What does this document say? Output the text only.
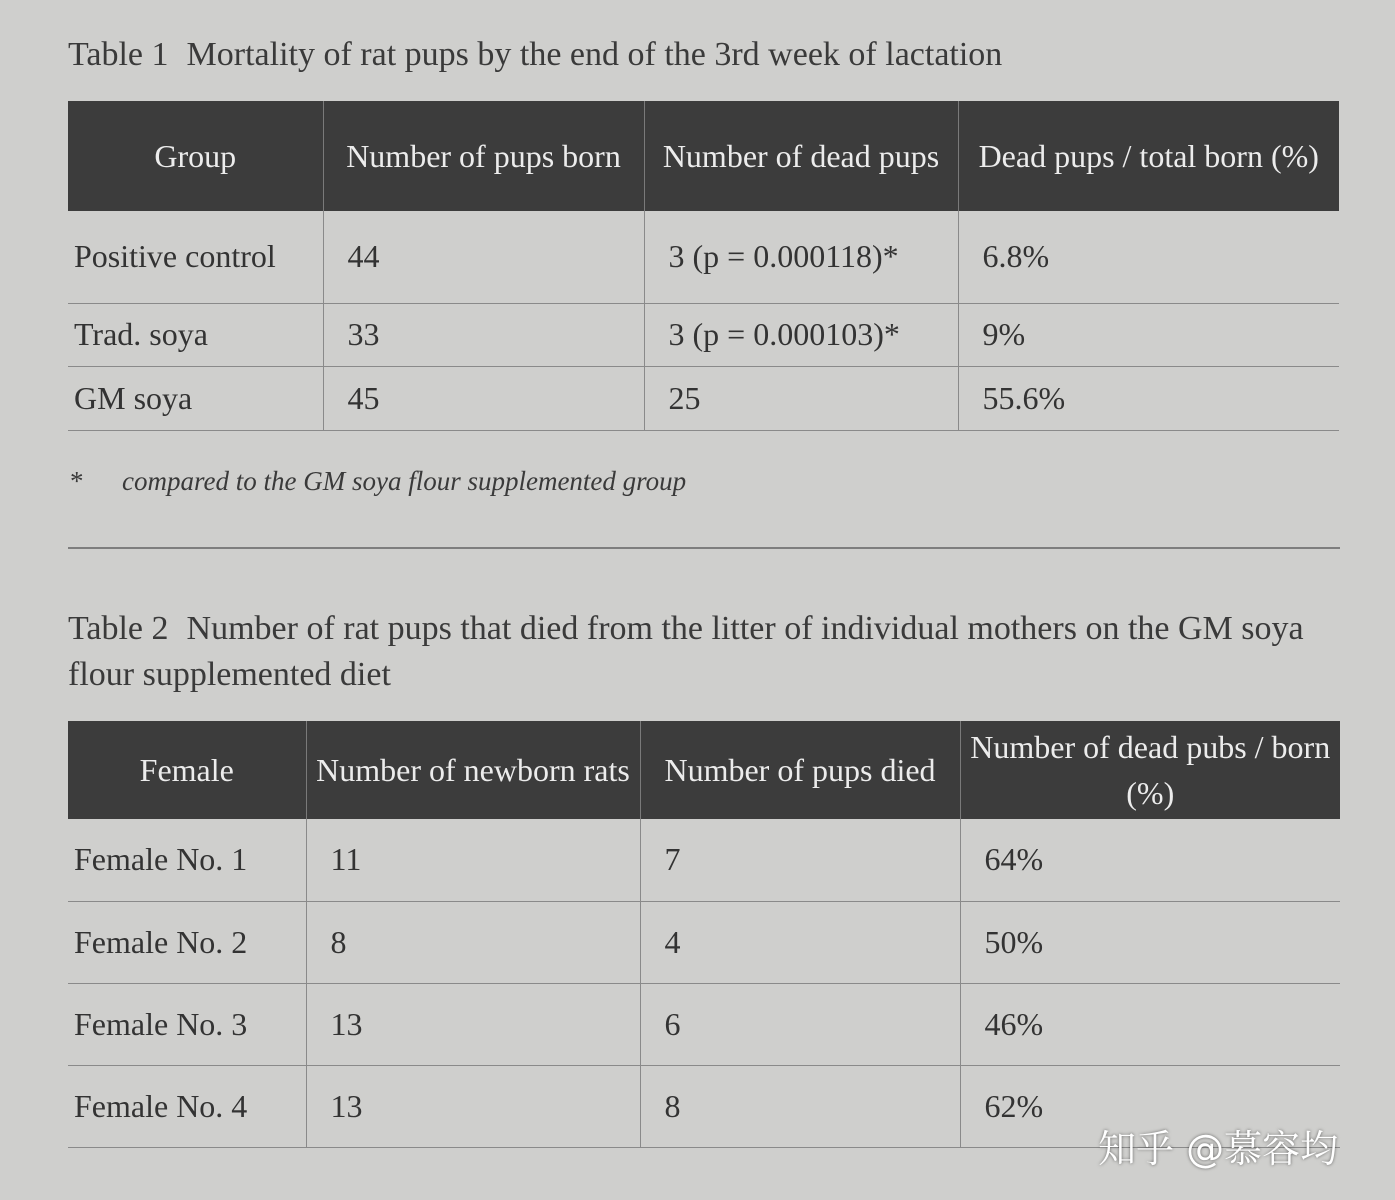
Table 1 Mortality of rat pups by the end of the 3rd week of lactation
Group	Number of pups born	Number of dead pups	Dead pups / total born (%)
Positive control	44	3 (p = 0.000118)*	6.8%
Trad. soya	33	3 (p = 0.000103)*	9%
GM soya	45	25	55.6%
* compared to the GM soya flour supplemented group
Table 2 Number of rat pups that died from the litter of individual mothers on the GM soya flour supplemented diet
Female	Number of newborn rats	Number of pups died	Number of dead pubs / born (%)
Female No. 1	11	7	64%
Female No. 2	8	4	50%
Female No. 3	13	6	46%
Female No. 4	13	8	62%
知乎 @慕容均
